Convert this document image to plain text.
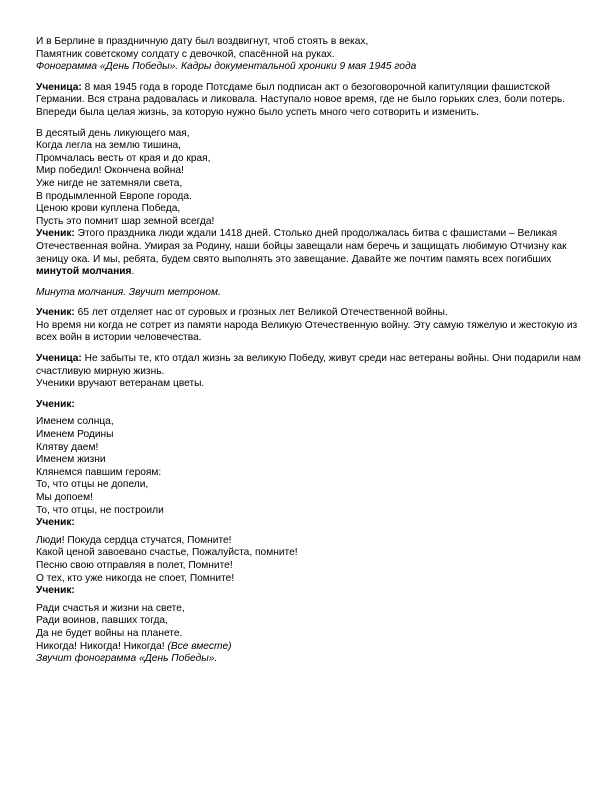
И в Берлине в праздничную дату был воздвигнут, чтоб стоять в веках,
Памятник советскому солдату с девочкой, спасённой на руках.
Фонограмма «День Победы». Кадры документальной хроники 9 мая 1945 года

Ученица: 8 мая 1945 года в городе Потсдаме был подписан акт о безоговорочной капитуляции фашистской Германии. Вся страна радовалась и ликовала. Наступало новое время, где не было горьких слез, боли потерь. Впереди была целая жизнь, за которую нужно было успеть много чего сотворить и изменить.

В десятый день ликующего мая,
Когда легла на землю тишина,
Промчалась весть от края и до края,
Мир победил! Окончена война!
Уже нигде не затемняли света,
В продымленной Европе города.
Ценою крови куплена Победа,
Пусть это помнит шар земной всегда!

Ученик: Этого праздника люди ждали 1418 дней. Столько дней продолжалась битва с фашистами – Великая Отечественная война. Умирая за Родину, наши бойцы завещали нам беречь и защищать любимую Отчизну как зеницу ока. И мы, ребята, будем свято выполнять это завещание. Давайте же почтим память всех погибших минутой молчания.

Минута молчания. Звучит метроном.

Ученик: 65 лет отделяет нас от суровых и грозных лет Великой Отечественной войны.

Но время ни когда не сотрет из памяти народа Великую Отечественную войну. Эту самую тяжелую и жестокую из всех войн в истории человечества.

Ученица: Не забыты те, кто отдал жизнь за великую Победу, живут среди нас ветераны войны. Они подарили нам счастливую мирную жизнь.

Ученики вручают ветеранам цветы.

Ученик:
Именем солнца,
Именем Родины
Клятву даем!
Именем жизни
Клянемся павшим героям:
То, что отцы не допели,
Мы допоем!
То, что отцы, не построили
Ученик:
Люди! Покуда сердца стучатся, Помните!
Какой ценой завоевано счастье, Пожалуйста, помните!
Песню свою отправляя в полет, Помните!
О тех, кто уже никогда не споет, Помните!
Ученик:
Ради счастья и жизни на свете,
Ради воинов, павших тогда,
Да не будет войны на планете.
Никогда! Никогда! Никогда! (Все вместе)
Звучит фонограмма «День Победы».
